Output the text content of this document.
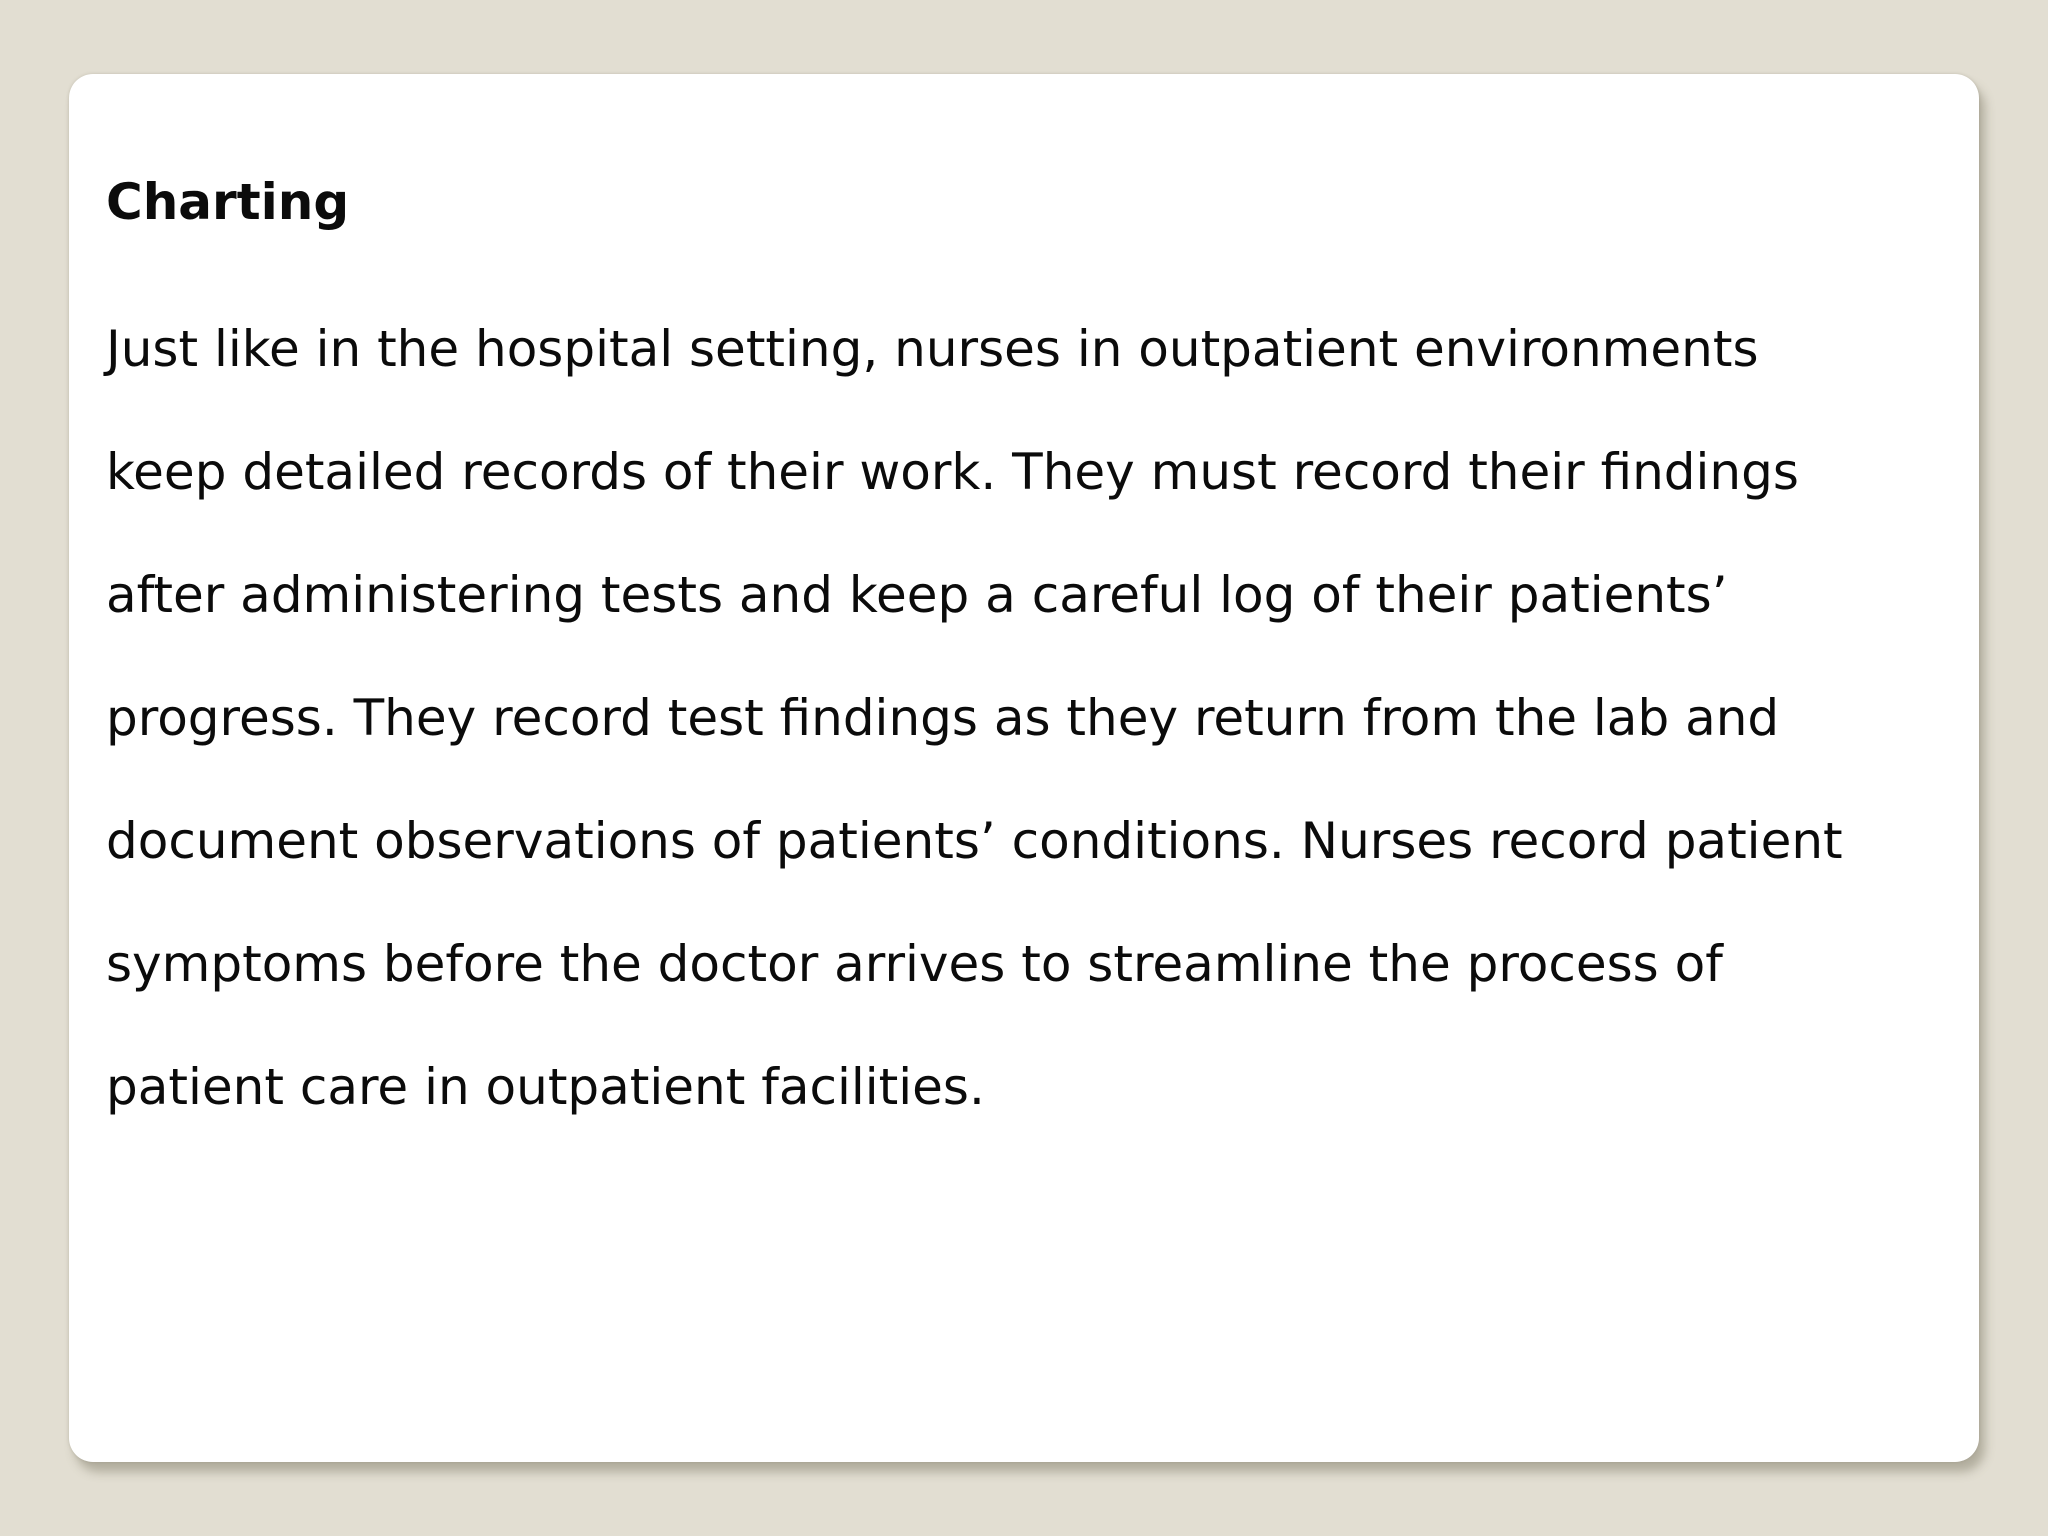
Charting

Just like in the hospital setting, nurses in outpatient environments
keep detailed records of their work. They must record their findings
after administering tests and keep a careful log of their patients’
progress. They record test findings as they return from the lab and
document observations of patients’ conditions. Nurses record patient
symptoms before the doctor arrives to streamline the process of
patient care in outpatient facilities.
